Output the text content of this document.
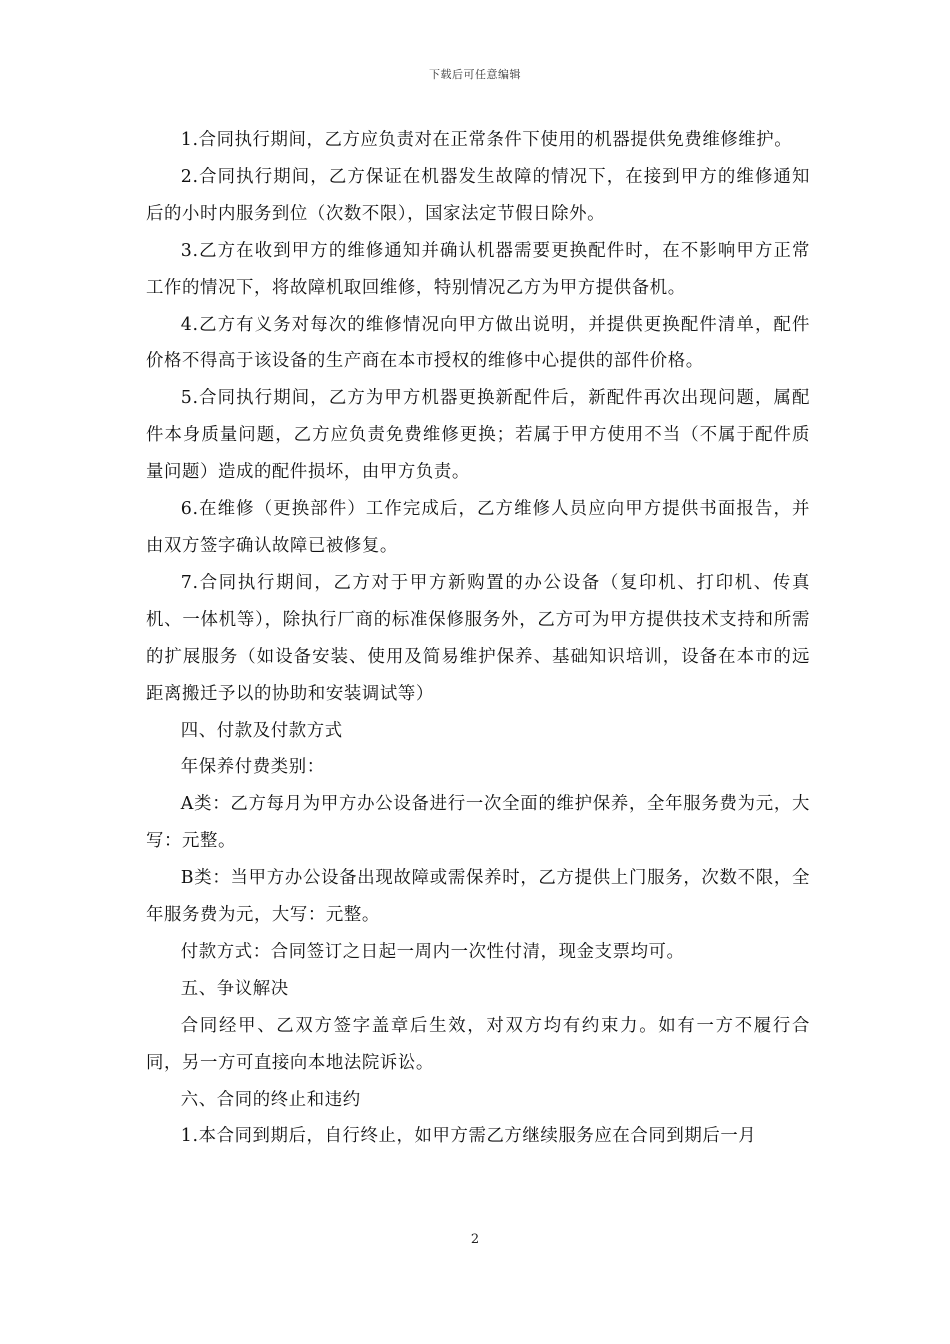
下载后可任意编辑

1.合同执行期间，乙方应负责对在正常条件下使用的机器提供免费维修维护。

2.合同执行期间，乙方保证在机器发生故障的情况下，在接到甲方的维修通知后的小时内服务到位（次数不限），国家法定节假日除外。

3.乙方在收到甲方的维修通知并确认机器需要更换配件时，在不影响甲方正常工作的情况下，将故障机取回维修，特别情况乙方为甲方提供备机。

4.乙方有义务对每次的维修情况向甲方做出说明，并提供更换配件清单，配件价格不得高于该设备的生产商在本市授权的维修中心提供的部件价格。

5.合同执行期间，乙方为甲方机器更换新配件后，新配件再次出现问题，属配件本身质量问题，乙方应负责免费维修更换；若属于甲方使用不当（不属于配件质量问题）造成的配件损坏，由甲方负责。

6.在维修（更换部件）工作完成后，乙方维修人员应向甲方提供书面报告，并由双方签字确认故障已被修复。

7.合同执行期间，乙方对于甲方新购置的办公设备（复印机、打印机、传真机、一体机等），除执行厂商的标准保修服务外，乙方可为甲方提供技术支持和所需的扩展服务（如设备安装、使用及简易维护保养、基础知识培训，设备在本市的远距离搬迁予以的协助和安装调试等）

四、付款及付款方式

年保养付费类别：

A类：乙方每月为甲方办公设备进行一次全面的维护保养，全年服务费为元，大写：元整。

B类：当甲方办公设备出现故障或需保养时，乙方提供上门服务，次数不限，全年服务费为元，大写：元整。

付款方式：合同签订之日起一周内一次性付清，现金支票均可。

五、争议解决

合同经甲、乙双方签字盖章后生效，对双方均有约束力。如有一方不履行合同，另一方可直接向本地法院诉讼。

六、合同的终止和违约

1.本合同到期后，自行终止，如甲方需乙方继续服务应在合同到期后一月

2
